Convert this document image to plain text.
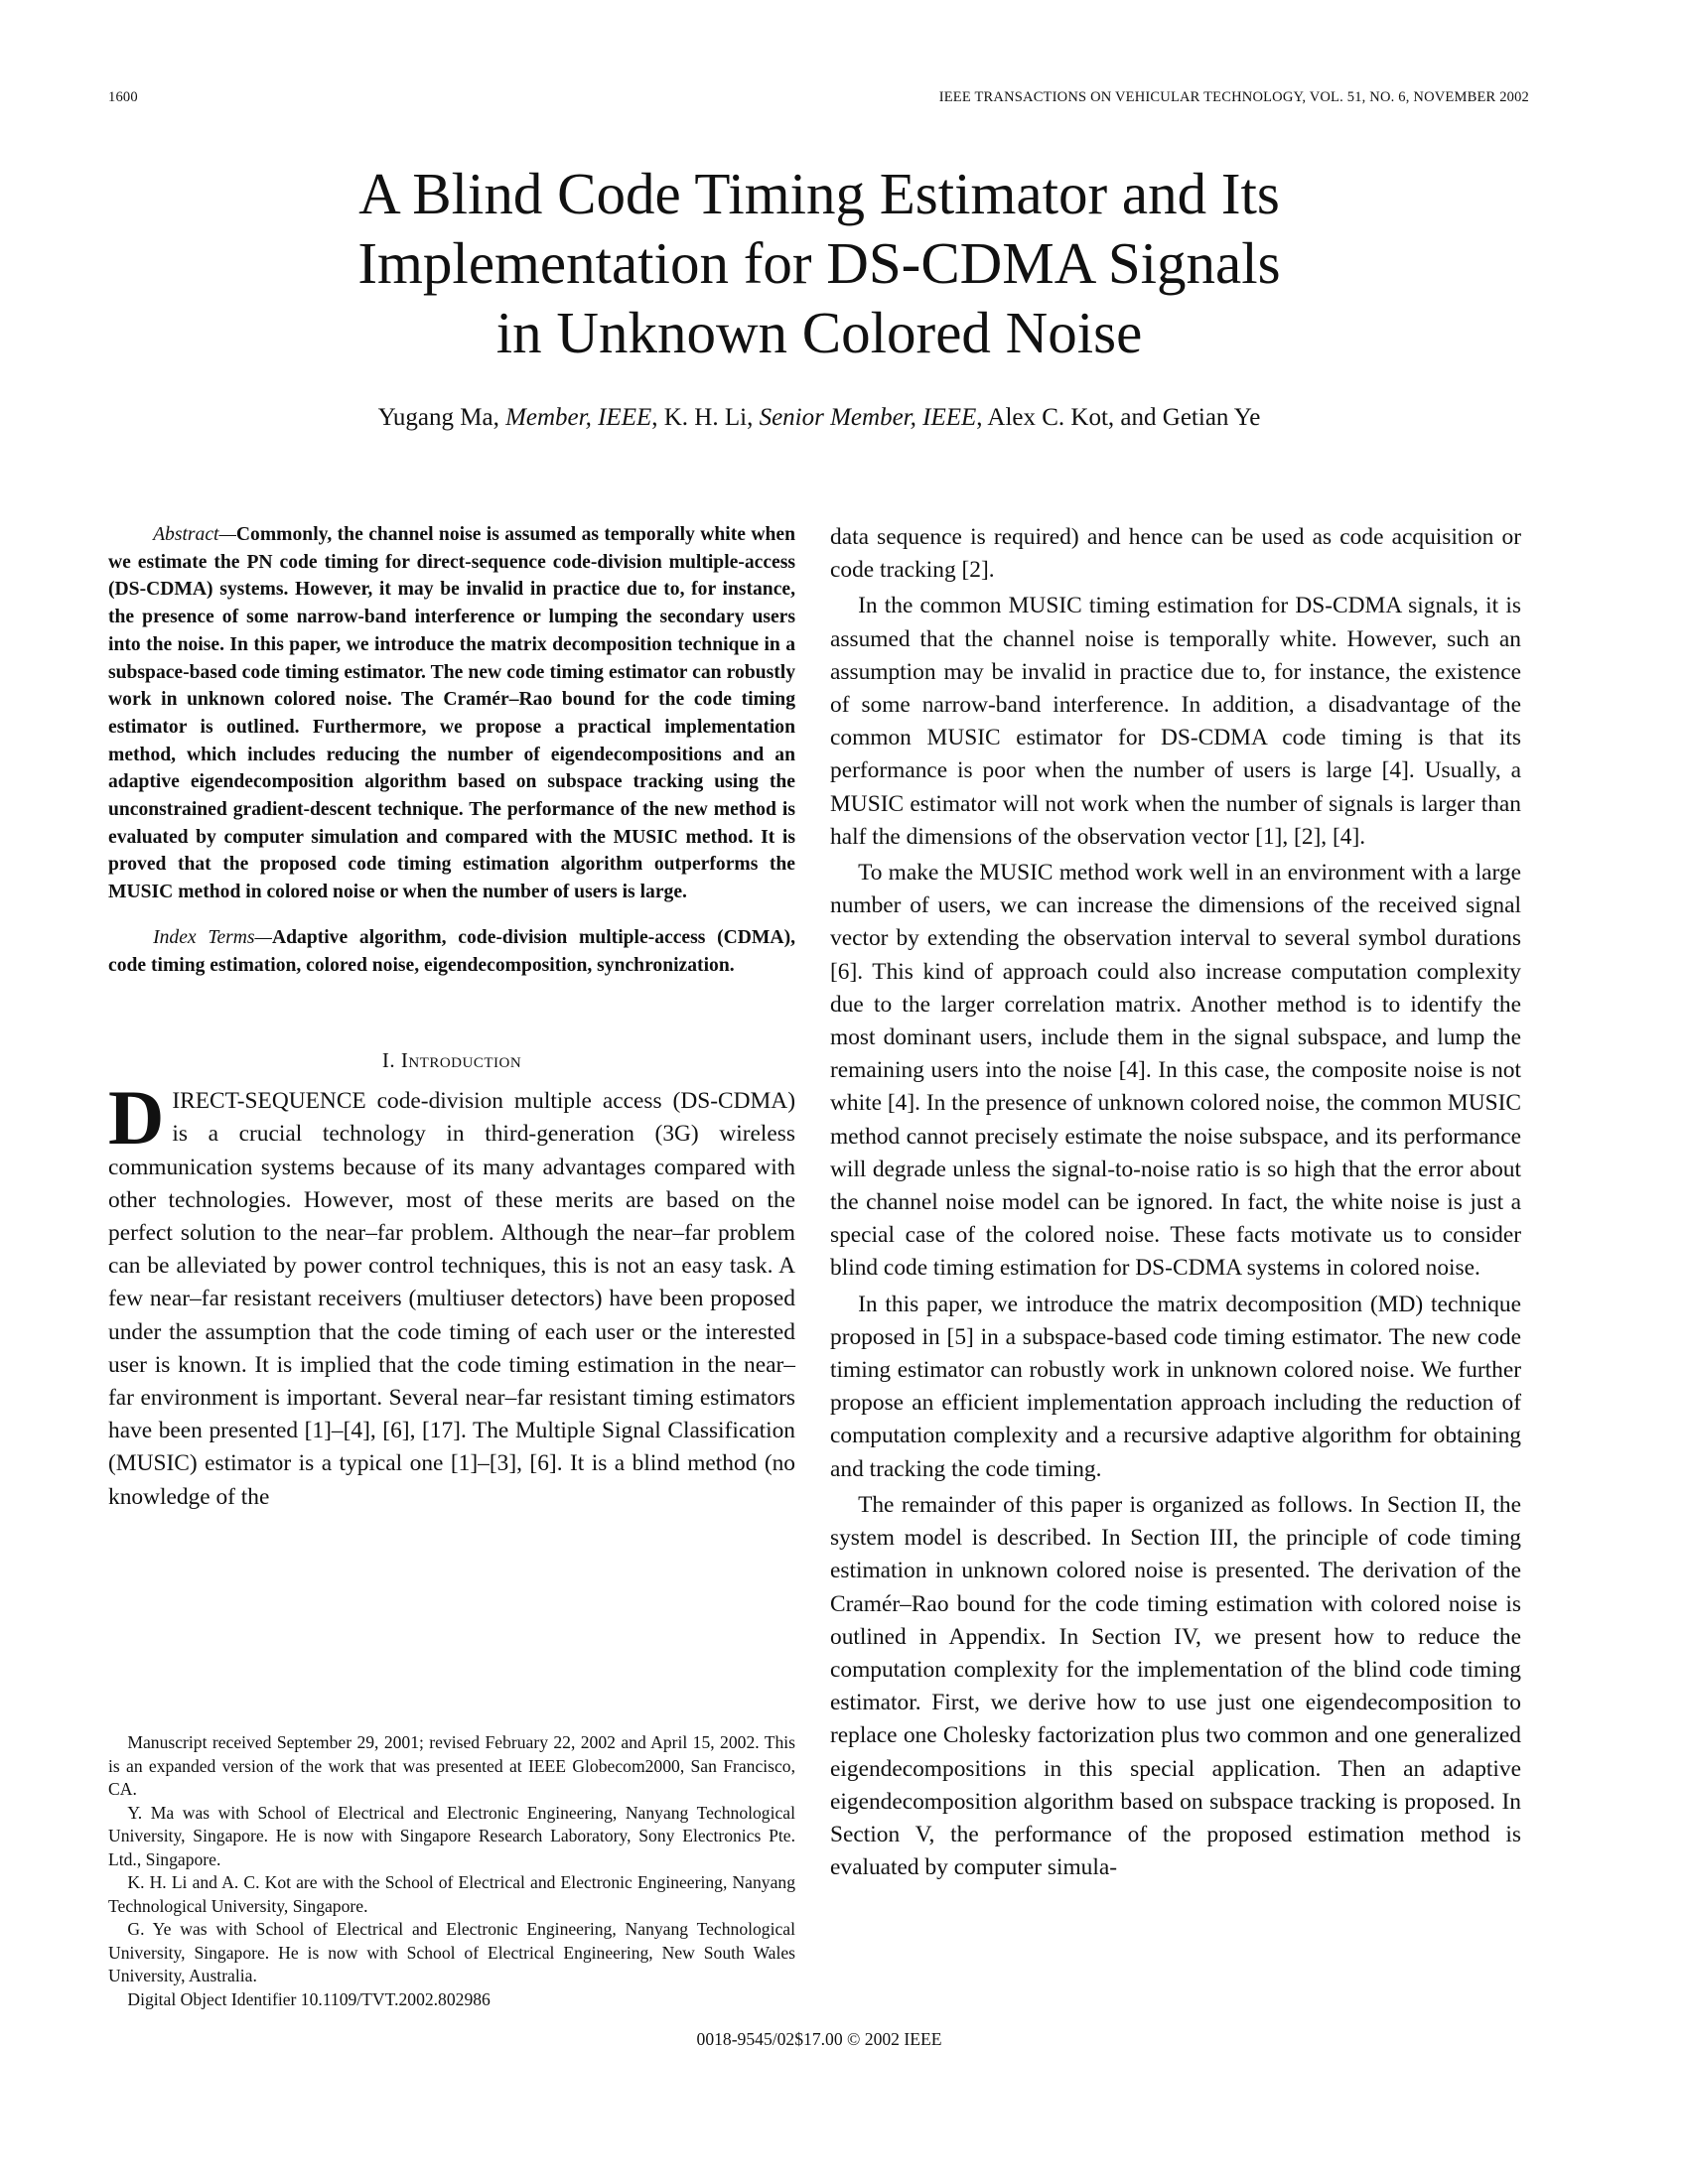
1600	IEEE TRANSACTIONS ON VEHICULAR TECHNOLOGY, VOL. 51, NO. 6, NOVEMBER 2002
A Blind Code Timing Estimator and Its
Implementation for DS-CDMA Signals
in Unknown Colored Noise
Yugang Ma, Member, IEEE, K. H. Li, Senior Member, IEEE, Alex C. Kot, and Getian Ye

Abstract—Commonly, the channel noise is assumed as temporally white when we estimate the PN code timing for direct-sequence code-division multiple-access (DS-CDMA) systems. However, it may be invalid in practice due to, for instance, the presence of some narrow-band interference or lumping the secondary users into the noise. In this paper, we introduce the matrix decomposition technique in a subspace-based code timing estimator. The new code timing estimator can robustly work in unknown colored noise. The Cramér–Rao bound for the code timing estimator is outlined. Furthermore, we propose a practical implementation method, which includes reducing the number of eigendecompositions and an adaptive eigendecomposition algorithm based on subspace tracking using the unconstrained gradient-descent technique. The performance of the new method is evaluated by computer simulation and compared with the MUSIC method. It is proved that the proposed code timing estimation algorithm outperforms the MUSIC method in colored noise or when the number of users is large.

Index Terms—Adaptive algorithm, code-division multiple-access (CDMA), code timing estimation, colored noise, eigendecomposition, synchronization.

I. Introduction

DIRECT-SEQUENCE code-division multiple access (DS-CDMA) is a crucial technology in third-generation (3G) wireless communication systems because of its many advantages compared with other technologies. However, most of these merits are based on the perfect solution to the near–far problem. Although the near–far problem can be alleviated by power control techniques, this is not an easy task. A few near–far resistant receivers (multiuser detectors) have been proposed under the assumption that the code timing of each user or the interested user is known. It is implied that the code timing estimation in the near–far environment is important. Several near–far resistant timing estimators have been presented [1]–[4], [6], [17]. The Multiple Signal Classification (MUSIC) estimator is a typical one [1]–[3], [6]. It is a blind method (no knowledge of the

data sequence is required) and hence can be used as code acquisition or code tracking [2].

In the common MUSIC timing estimation for DS-CDMA signals, it is assumed that the channel noise is temporally white. However, such an assumption may be invalid in practice due to, for instance, the existence of some narrow-band interference. In addition, a disadvantage of the common MUSIC estimator for DS-CDMA code timing is that its performance is poor when the number of users is large [4]. Usually, a MUSIC estimator will not work when the number of signals is larger than half the dimensions of the observation vector [1], [2], [4].

To make the MUSIC method work well in an environment with a large number of users, we can increase the dimensions of the received signal vector by extending the observation interval to several symbol durations [6]. This kind of approach could also increase computation complexity due to the larger correlation matrix. Another method is to identify the most dominant users, include them in the signal subspace, and lump the remaining users into the noise [4]. In this case, the composite noise is not white [4]. In the presence of unknown colored noise, the common MUSIC method cannot precisely estimate the noise subspace, and its performance will degrade unless the signal-to-noise ratio is so high that the error about the channel noise model can be ignored. In fact, the white noise is just a special case of the colored noise. These facts motivate us to consider blind code timing estimation for DS-CDMA systems in colored noise.

In this paper, we introduce the matrix decomposition (MD) technique proposed in [5] in a subspace-based code timing estimator. The new code timing estimator can robustly work in unknown colored noise. We further propose an efficient implementation approach including the reduction of computation complexity and a recursive adaptive algorithm for obtaining and tracking the code timing.

The remainder of this paper is organized as follows. In Section II, the system model is described. In Section III, the principle of code timing estimation in unknown colored noise is presented. The derivation of the Cramér–Rao bound for the code timing estimation with colored noise is outlined in Appendix. In Section IV, we present how to reduce the computation complexity for the implementation of the blind code timing estimator. First, we derive how to use just one eigendecomposition to replace one Cholesky factorization plus two common and one generalized eigendecompositions in this special application. Then an adaptive eigendecomposition algorithm based on subspace tracking is proposed. In Section V, the performance of the proposed estimation method is evaluated by computer simula-

Manuscript received September 29, 2001; revised February 22, 2002 and April 15, 2002. This is an expanded version of the work that was presented at IEEE Globecom2000, San Francisco, CA.

Y. Ma was with School of Electrical and Electronic Engineering, Nanyang Technological University, Singapore. He is now with Singapore Research Laboratory, Sony Electronics Pte. Ltd., Singapore.

K. H. Li and A. C. Kot are with the School of Electrical and Electronic Engineering, Nanyang Technological University, Singapore.

G. Ye was with School of Electrical and Electronic Engineering, Nanyang Technological University, Singapore. He is now with School of Electrical Engineering, New South Wales University, Australia.

Digital Object Identifier 10.1109/TVT.2002.802986

0018-9545/02$17.00 © 2002 IEEE
